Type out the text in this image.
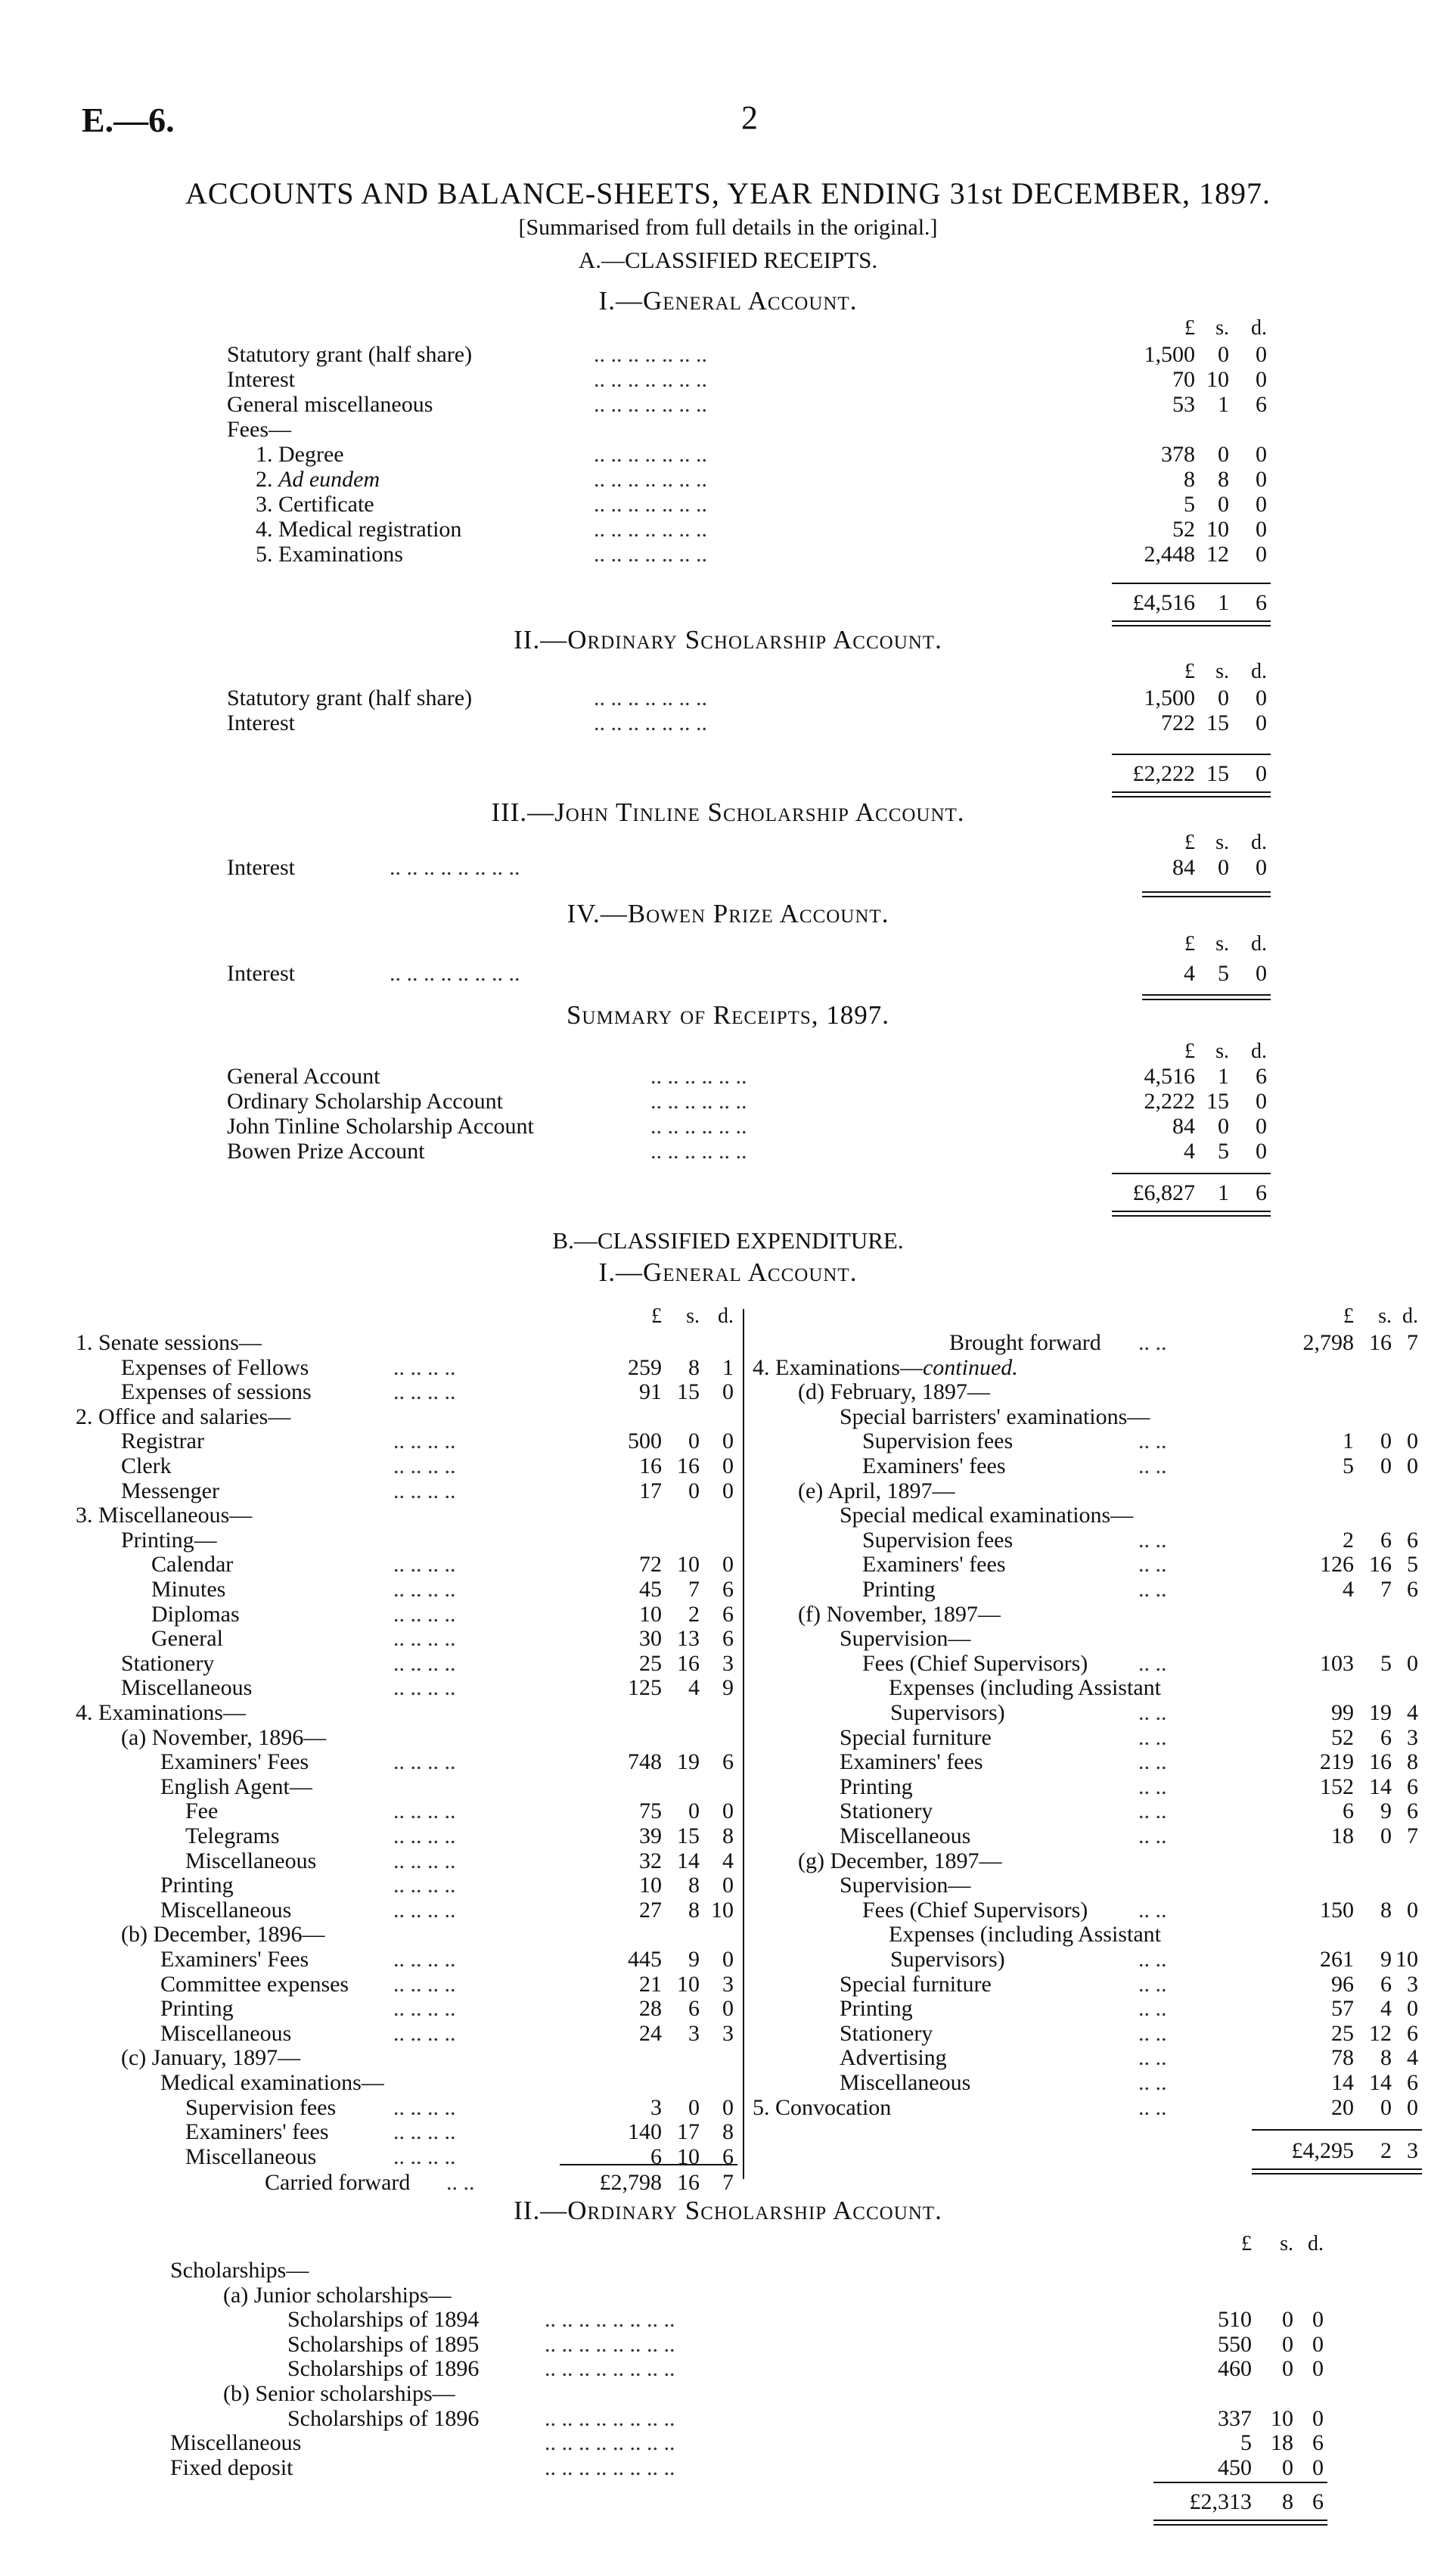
E.—6.	2
ACCOUNTS AND BALANCE-SHEETS, YEAR ENDING 31st DECEMBER, 1897.
[Summarised from full details in the original.]
A.—CLASSIFIED RECEIPTS.
I.—General Account.
II.—Ordinary Scholarship Account.
III.—John Tinline Scholarship Account.
IV.—Bowen Prize Account.
Summary of Receipts, 1897.
B.—CLASSIFIED EXPENDITURE.
I.—General Account.
II.—Ordinary Scholarship Account.
Carried forward .. ..	£2,798 16	7
£ s.	d.
Statutory grant (half share)	.. .. .. .. .. .. ..	1,500	0	0
Interest	.. .. .. .. .. .. ..	70 10	0
General miscellaneous	.. .. .. .. .. .. ..	53	1	6
Fees—
1. Degree	.. .. .. .. .. .. ..	378	0	0
2. Ad eundem	.. .. .. .. .. .. ..	8	8	0
3. Certificate	.. .. .. .. .. .. ..	5	0	0
4. Medical registration	.. .. .. .. .. .. ..	52 10	0
5. Examinations	.. .. .. .. .. .. ..	2,448 12	0
£4,516	1	6
£ s.	d.
Statutory grant (half share)	.. .. .. .. .. .. ..	1,500	0	0
Interest	.. .. .. .. .. .. ..	722 15	0
£2,222 15	0
£ s.	d.
Interest	.. .. .. .. .. .. .. ..	84	0	0
£ s.	d.
Interest	.. .. .. .. .. .. .. ..	4	5	0
£ s.	d.
General Account	.. .. .. .. .. ..	4,516	1	6
Ordinary Scholarship Account	.. .. .. .. .. ..	2,222 15	0
John Tinline Scholarship Account	.. .. .. .. .. ..	84	0	0
Bowen Prize Account	.. .. .. .. .. ..	4	5	0
£6,827	1	6
£	s. d.
1. Senate sessions—
Expenses of Fellows	.. .. .. ..	259	8	1
Expenses of sessions	.. .. .. ..	91 15	0
2. Office and salaries—
Registrar	.. .. .. ..	500	0	0
Clerk	.. .. .. ..	16 16	0
Messenger	.. .. .. ..	17	0	0
3. Miscellaneous—
Printing—
Calendar	.. .. .. ..	72 10	0
Minutes	.. .. .. ..	45	7	6
Diplomas	.. .. .. ..	10	2	6
General	.. .. .. ..	30 13	6
Stationery	.. .. .. ..	25 16	3
Miscellaneous	.. .. .. ..	125	4	9
4. Examinations—
(a) November, 1896—
Examiners' Fees	.. .. .. ..	748 19	6
English Agent—
Fee	.. .. .. ..	75	0	0
Telegrams	.. .. .. ..	39 15	8
Miscellaneous	.. .. .. ..	32 14	4
Printing	.. .. .. ..	10	8	0
Miscellaneous	.. .. .. ..	27	8 10
(b) December, 1896—
Examiners' Fees	.. .. .. ..	445	9	0
Committee expenses .. .. .. ..	21 10	3
Printing	.. .. .. ..	28	6	0
Miscellaneous	.. .. .. ..	24	3	3
(c) January, 1897—
Medical examinations—
Supervision fees	.. .. .. ..	3	0	0
Examiners' fees	.. .. .. ..	140 17	8
Miscellaneous	.. .. .. ..	6 10	6
£	s. d.
Brought forward .. ..	2,798 16 7
4. Examinations—continued.
(d) February, 1897—
Special barristers' examinations—
Supervision fees	.. ..	1	0 0
Examiners' fees	.. ..	5	0 0
(e) April, 1897—
Special medical examinations—
Supervision fees	.. ..	2	6 6
Examiners' fees	.. ..	126 16 5
Printing	.. ..	4	7 6
(f) November, 1897—
Supervision—
Fees (Chief Supervisors) .. ..	103	5 0
Expenses (including Assistant
Supervisors)	.. ..	99 19 4
Special furniture	.. ..	52	6 3
Examiners' fees	.. ..	219 16 8
Printing	.. ..	152 14 6
Stationery	.. ..	6	9 6
Miscellaneous	.. ..	18	0 7
(g) December, 1897—
Supervision—
Fees (Chief Supervisors) .. ..	150	8 0
Expenses (including Assistant
Supervisors)	.. ..	261	9 10
Special furniture	.. ..	96	6 3
Printing	.. ..	57	4 0
Stationery	.. ..	25 12 6
Advertising	.. ..	78	8 4
Miscellaneous	.. ..	14 14 6
5. Convocation	.. ..	20	0 0
£4,295	2 3
£	s. d.
Scholarships—
(a) Junior scholarships—
Scholarships of 1894	.. .. .. .. .. .. .. ..	510	0 0
Scholarships of 1895	.. .. .. .. .. .. .. ..	550	0 0
Scholarships of 1896	.. .. .. .. .. .. .. ..	460	0 0
(b) Senior scholarships—
Scholarships of 1896	.. .. .. .. .. .. .. ..	337 10 0
Miscellaneous	.. .. .. .. .. .. .. ..	5 18 6
Fixed deposit	.. .. .. .. .. .. .. ..	450	0 0
£2,313	8 6
